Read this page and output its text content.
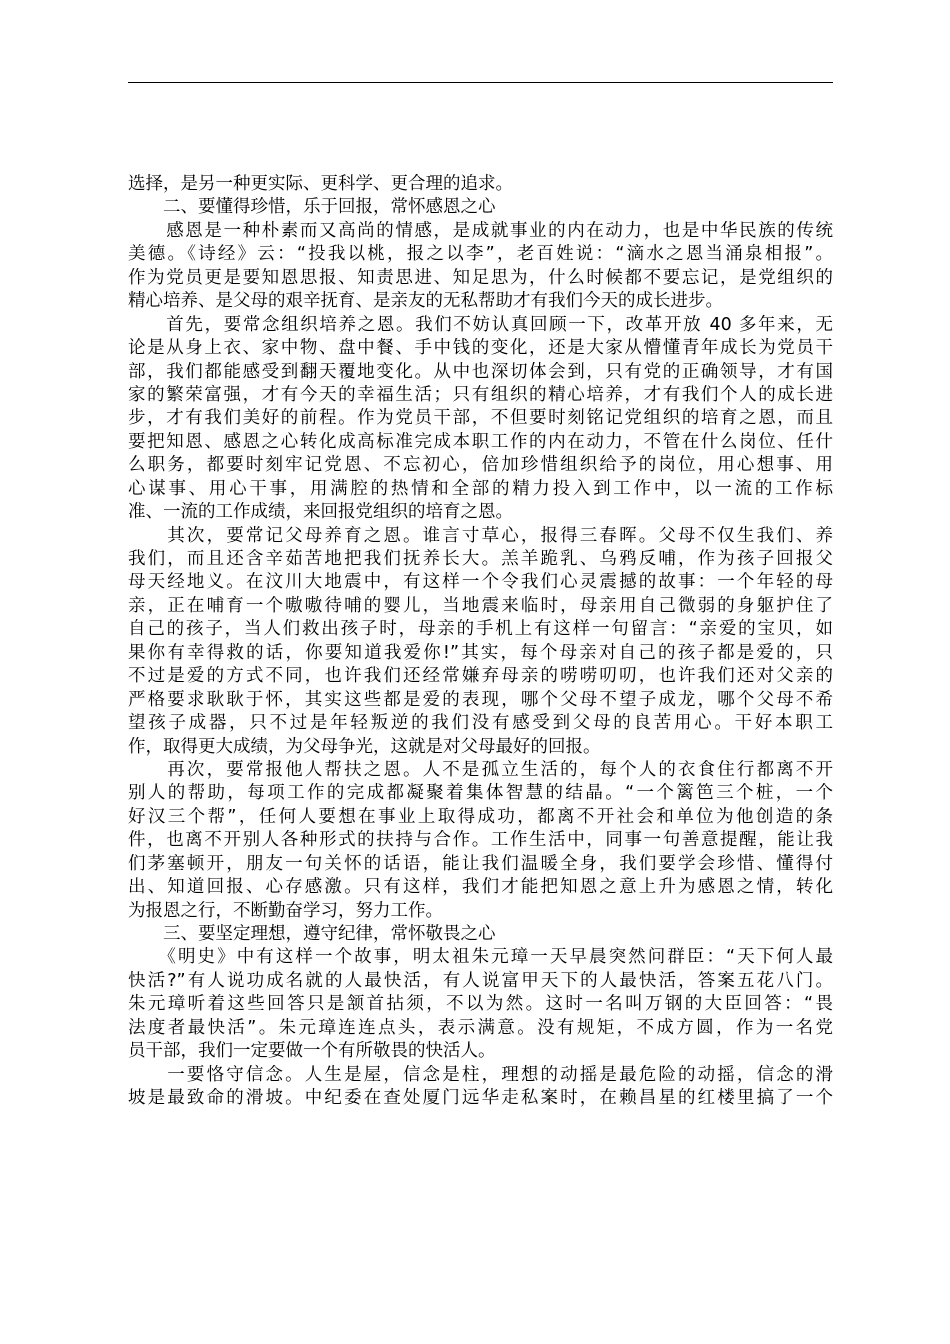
选择，是另一种更实际、更科学、更合理的追求。
　　二、要懂得珍惜，乐于回报，常怀感恩之心
　　感恩是一种朴素而又高尚的情感，是成就事业的内在动力，也是中华民族的传统
美德。《诗经》云：“投我以桃，报之以李”，老百姓说：“滴水之恩当涌泉相报”。
作为党员更是要知恩思报、知责思进、知足思为，什么时候都不要忘记，是党组织的
精心培养、是父母的艰辛抚育、是亲友的无私帮助才有我们今天的成长进步。
　　首先，要常念组织培养之恩。我们不妨认真回顾一下，改革开放 40 多年来，无
论是从身上衣、家中物、盘中餐、手中钱的变化，还是大家从懵懂青年成长为党员干
部，我们都能感受到翻天覆地变化。从中也深切体会到，只有党的正确领导，才有国
家的繁荣富强，才有今天的幸福生活；只有组织的精心培养，才有我们个人的成长进
步，才有我们美好的前程。作为党员干部，不但要时刻铭记党组织的培育之恩，而且
要把知恩、感恩之心转化成高标准完成本职工作的内在动力，不管在什么岗位、任什
么职务，都要时刻牢记党恩、不忘初心，倍加珍惜组织给予的岗位，用心想事、用
心谋事、用心干事，用满腔的热情和全部的精力投入到工作中，以一流的工作标
准、一流的工作成绩，来回报党组织的培育之恩。
　　其次，要常记父母养育之恩。谁言寸草心，报得三春晖。父母不仅生我们、养
我们，而且还含辛茹苦地把我们抚养长大。羔羊跪乳、乌鸦反哺，作为孩子回报父
母天经地义。在汶川大地震中，有这样一个令我们心灵震撼的故事：一个年轻的母
亲，正在哺育一个嗷嗷待哺的婴儿，当地震来临时，母亲用自己微弱的身躯护住了
自己的孩子，当人们救出孩子时，母亲的手机上有这样一句留言：“亲爱的宝贝，如
果你有幸得救的话，你要知道我爱你!”其实，每个母亲对自己的孩子都是爱的，只
不过是爱的方式不同，也许我们还经常嫌弃母亲的唠唠叨叨，也许我们还对父亲的
严格要求耿耿于怀，其实这些都是爱的表现，哪个父母不望子成龙，哪个父母不希
望孩子成器，只不过是年轻叛逆的我们没有感受到父母的良苦用心。干好本职工
作，取得更大成绩，为父母争光，这就是对父母最好的回报。
　　再次，要常报他人帮扶之恩。人不是孤立生活的，每个人的衣食住行都离不开
别人的帮助，每项工作的完成都凝聚着集体智慧的结晶。“一个篱笆三个桩，一个
好汉三个帮”，任何人要想在事业上取得成功，都离不开社会和单位为他创造的条
件，也离不开别人各种形式的扶持与合作。工作生活中，同事一句善意提醒，能让我
们茅塞顿开，朋友一句关怀的话语，能让我们温暖全身，我们要学会珍惜、懂得付
出、知道回报、心存感激。只有这样，我们才能把知恩之意上升为感恩之情，转化
为报恩之行，不断勤奋学习，努力工作。
　　三、要坚定理想，遵守纪律，常怀敬畏之心
　　《明史》中有这样一个故事，明太祖朱元璋一天早晨突然问群臣：“天下何人最
快活?”有人说功成名就的人最快活，有人说富甲天下的人最快活，答案五花八门。
朱元璋听着这些回答只是颔首拈须，不以为然。这时一名叫万钢的大臣回答：“畏
法度者最快活”。朱元璋连连点头，表示满意。没有规矩，不成方圆，作为一名党
员干部，我们一定要做一个有所敬畏的快活人。
　　一要恪守信念。人生是屋，信念是柱，理想的动摇是最危险的动摇，信念的滑
坡是最致命的滑坡。中纪委在查处厦门远华走私案时，在赖昌星的红楼里搞了一个
